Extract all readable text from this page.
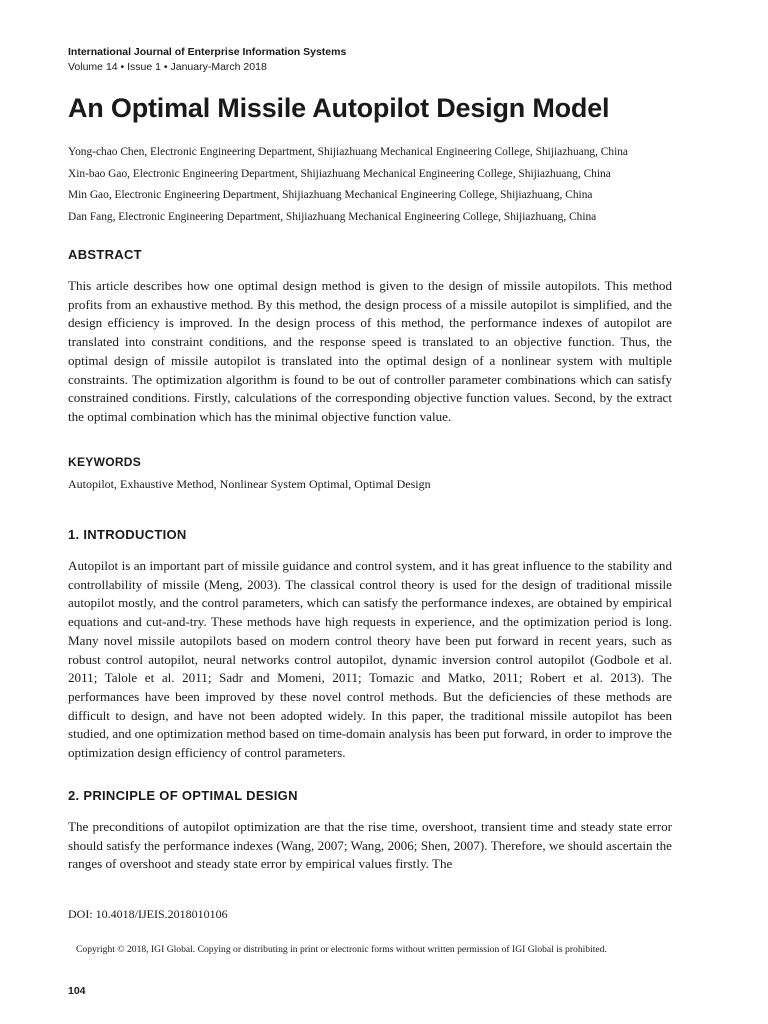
International Journal of Enterprise Information Systems
Volume 14 • Issue 1 • January-March 2018
An Optimal Missile Autopilot Design Model
Yong-chao Chen, Electronic Engineering Department, Shijiazhuang Mechanical Engineering College, Shijiazhuang, China
Xin-bao Gao, Electronic Engineering Department, Shijiazhuang Mechanical Engineering College, Shijiazhuang, China
Min Gao, Electronic Engineering Department, Shijiazhuang Mechanical Engineering College, Shijiazhuang, China
Dan Fang, Electronic Engineering Department, Shijiazhuang Mechanical Engineering College, Shijiazhuang, China
ABSTRACT

This article describes how one optimal design method is given to the design of missile autopilots. This method profits from an exhaustive method. By this method, the design process of a missile autopilot is simplified, and the design efficiency is improved. In the design process of this method, the performance indexes of autopilot are translated into constraint conditions, and the response speed is translated to an objective function. Thus, the optimal design of missile autopilot is translated into the optimal design of a nonlinear system with multiple constraints. The optimization algorithm is found to be out of controller parameter combinations which can satisfy constrained conditions. Firstly, calculations of the corresponding objective function values. Second, by the extract the optimal combination which has the minimal objective function value.

KEYWORDS
Autopilot, Exhaustive Method, Nonlinear System Optimal, Optimal Design
1. INTRODUCTION

Autopilot is an important part of missile guidance and control system, and it has great influence to the stability and controllability of missile (Meng, 2003). The classical control theory is used for the design of traditional missile autopilot mostly, and the control parameters, which can satisfy the performance indexes, are obtained by empirical equations and cut-and-try. These methods have high requests in experience, and the optimization period is long. Many novel missile autopilots based on modern control theory have been put forward in recent years, such as robust control autopilot, neural networks control autopilot, dynamic inversion control autopilot (Godbole et al. 2011; Talole et al. 2011; Sadr and Momeni, 2011; Tomazic and Matko, 2011; Robert et al. 2013). The performances have been improved by these novel control methods. But the deficiencies of these methods are difficult to design, and have not been adopted widely. In this paper, the traditional missile autopilot has been studied, and one optimization method based on time-domain analysis has been put forward, in order to improve the optimization design efficiency of control parameters.

2. PRINCIPLE OF OPTIMAL DESIGN

The preconditions of autopilot optimization are that the rise time, overshoot, transient time and steady state error should satisfy the performance indexes (Wang, 2007; Wang, 2006; Shen, 2007). Therefore, we should ascertain the ranges of overshoot and steady state error by empirical values firstly. The

DOI: 10.4018/IJEIS.2018010106
Copyright © 2018, IGI Global. Copying or distributing in print or electronic forms without written permission of IGI Global is prohibited.
104
